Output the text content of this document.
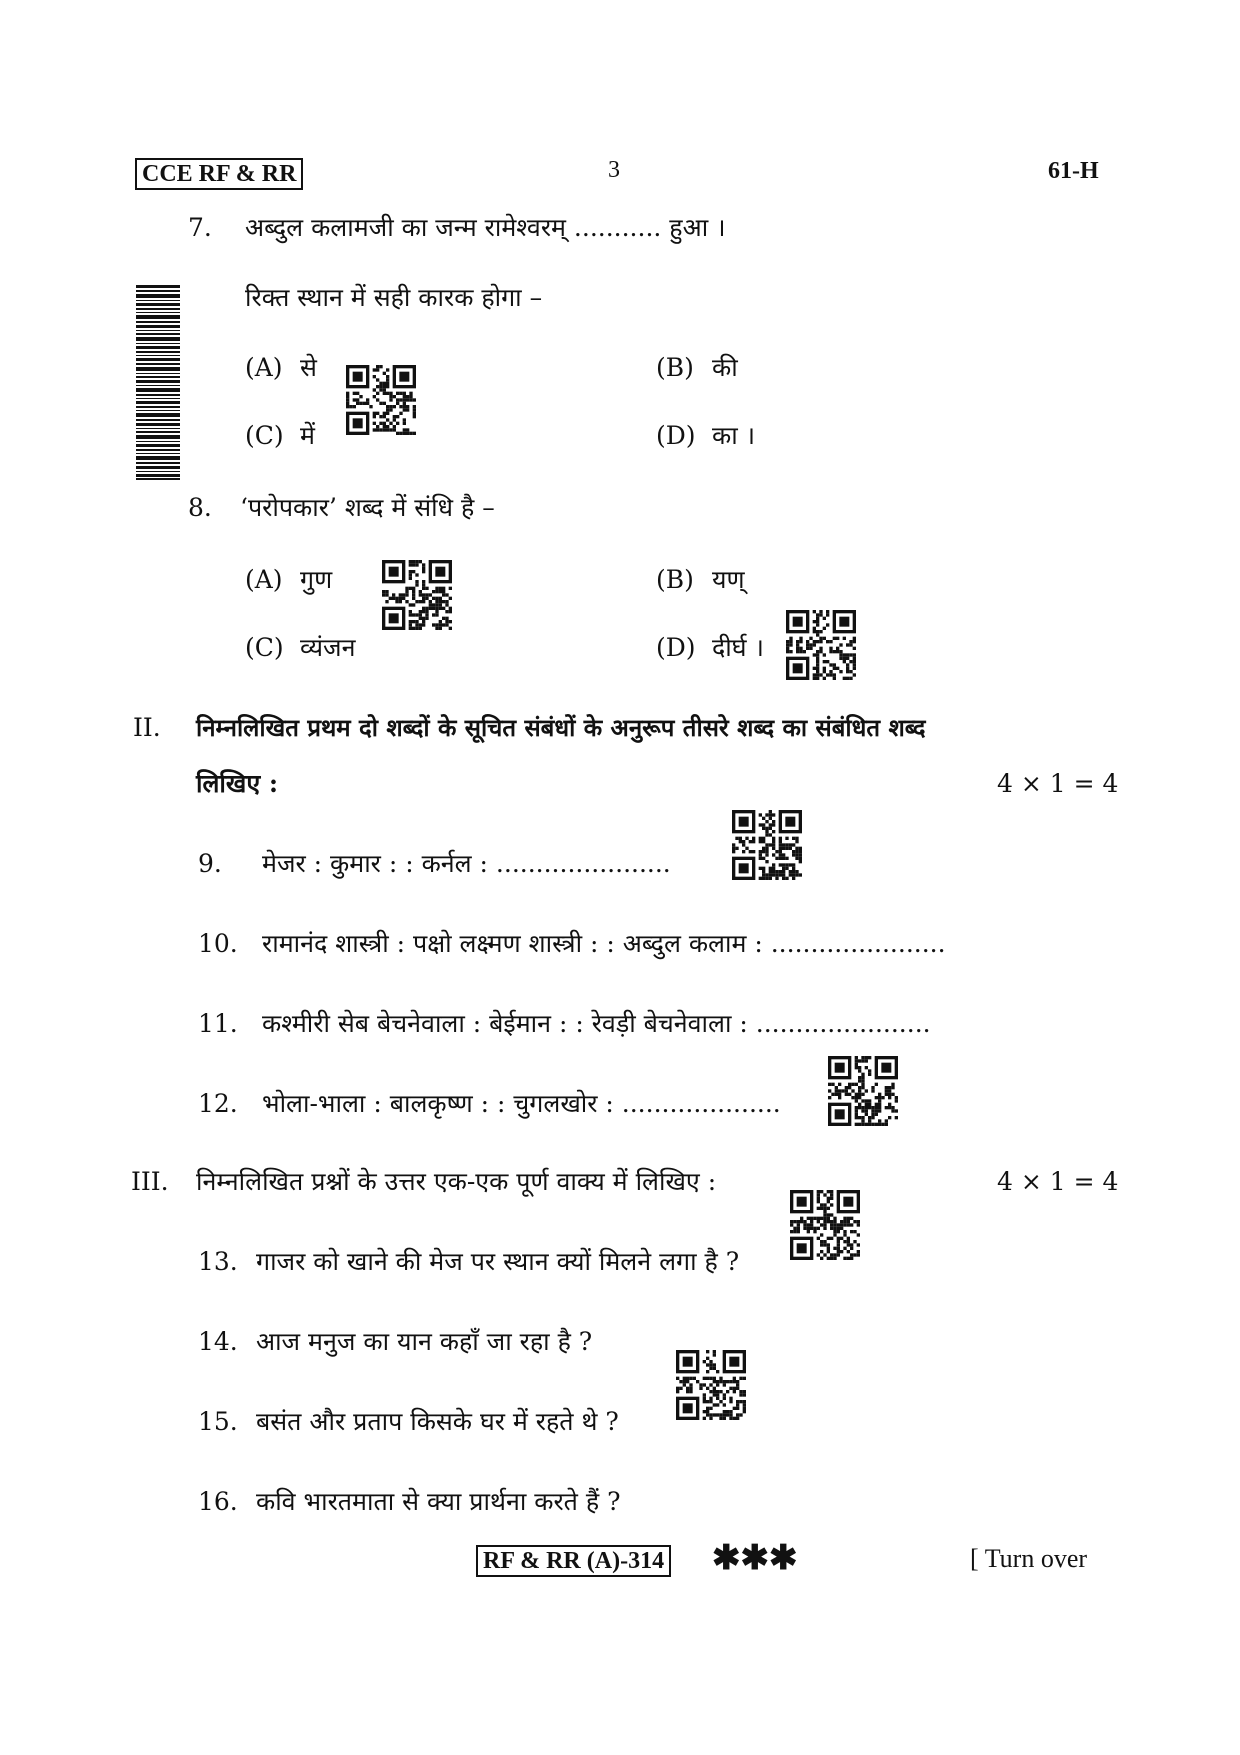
CCE RF & RR	3	61-H
7. अब्दुल कलामजी का जन्म रामेश्वरम् ........... हुआ ।
रिक्त स्थान में सही कारक होगा –
(A) से	(B) की
(C) में	(D) का ।
8. ‘परोपकार’ शब्द में संधि है –
(A) गुण	(B) यण्
(C) व्यंजन	(D) दीर्घ ।
II. निम्नलिखित प्रथम दो शब्दों के सूचित संबंधों के अनुरूप तीसरे शब्द का संबंधित शब्द
लिखिए :	4 × 1 = 4
9. मेजर : कुमार : : कर्नल : ......................
10. रामानंद शास्त्री : पक्षो लक्ष्मण शास्त्री : : अब्दुल कलाम : ......................
11. कश्मीरी सेब बेचनेवाला : बेईमान : : रेवड़ी बेचनेवाला : ......................
12. भोला-भाला : बालकृष्ण : : चुगलखोर : ....................
III. निम्नलिखित प्रश्नों के उत्तर एक-एक पूर्ण वाक्य में लिखिए :	4 × 1 = 4
13. गाजर को खाने की मेज पर स्थान क्यों मिलने लगा है ?
14. आज मनुज का यान कहाँ जा रहा है ?
15. बसंत और प्रताप किसके घर में रहते थे ?
16. कवि भारतमाता से क्या प्रार्थना करते हैं ?
RF & RR (A)-314 ✱✱✱	[ Turn over
